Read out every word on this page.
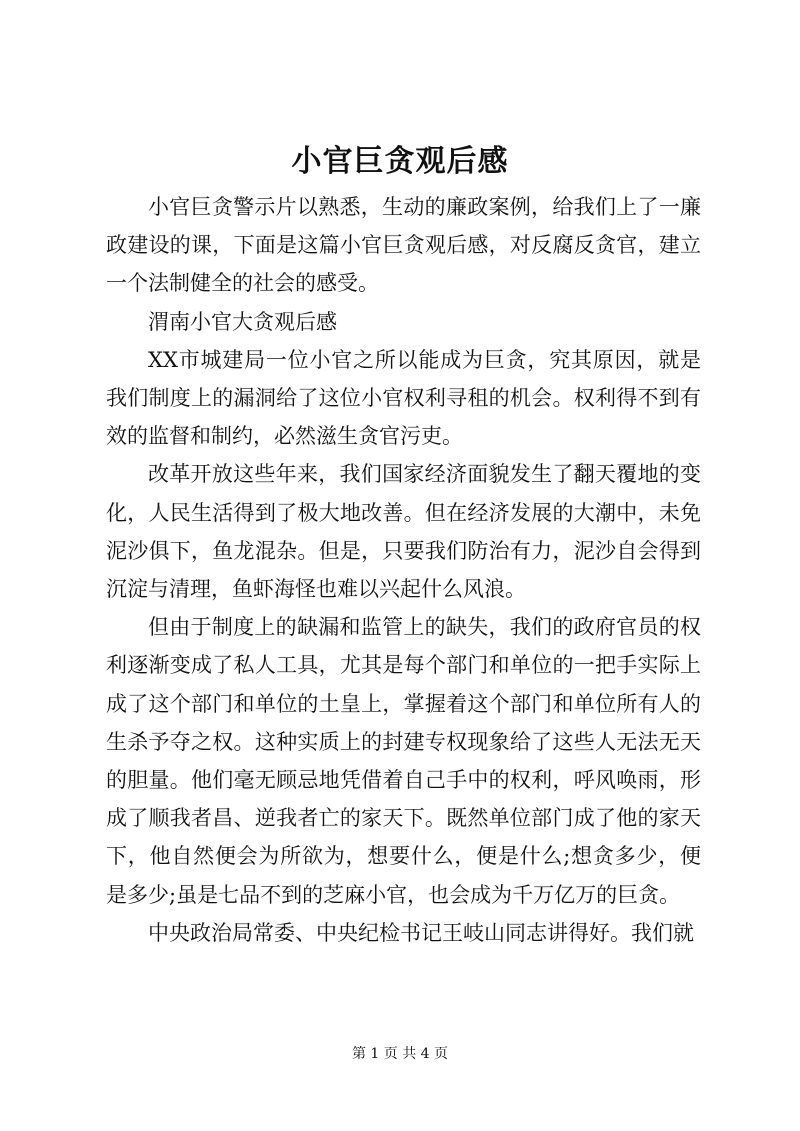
小官巨贪观后感

小官巨贪警示片以熟悉，生动的廉政案例，给我们上了一廉政建设的课，下面是这篇小官巨贪观后感，对反腐反贪官，建立一个法制健全的社会的感受。

渭南小官大贪观后感

XX市城建局一位小官之所以能成为巨贪，究其原因，就是我们制度上的漏洞给了这位小官权利寻租的机会。权利得不到有效的监督和制约，必然滋生贪官污吏。

改革开放这些年来，我们国家经济面貌发生了翻天覆地的变化，人民生活得到了极大地改善。但在经济发展的大潮中，未免泥沙俱下，鱼龙混杂。但是，只要我们防治有力，泥沙自会得到沉淀与清理，鱼虾海怪也难以兴起什么风浪。

但由于制度上的缺漏和监管上的缺失，我们的政府官员的权利逐渐变成了私人工具，尤其是每个部门和单位的一把手实际上成了这个部门和单位的土皇上，掌握着这个部门和单位所有人的生杀予夺之权。这种实质上的封建专权现象给了这些人无法无天的胆量。他们毫无顾忌地凭借着自己手中的权利，呼风唤雨，形成了顺我者昌、逆我者亡的家天下。既然单位部门成了他的家天下，他自然便会为所欲为，想要什么，便是什么;想贪多少，便是多少;虽是七品不到的芝麻小官，也会成为千万亿万的巨贪。

中央政治局常委、中央纪检书记王岐山同志讲得好。我们就

第 1 页 共 4 页
